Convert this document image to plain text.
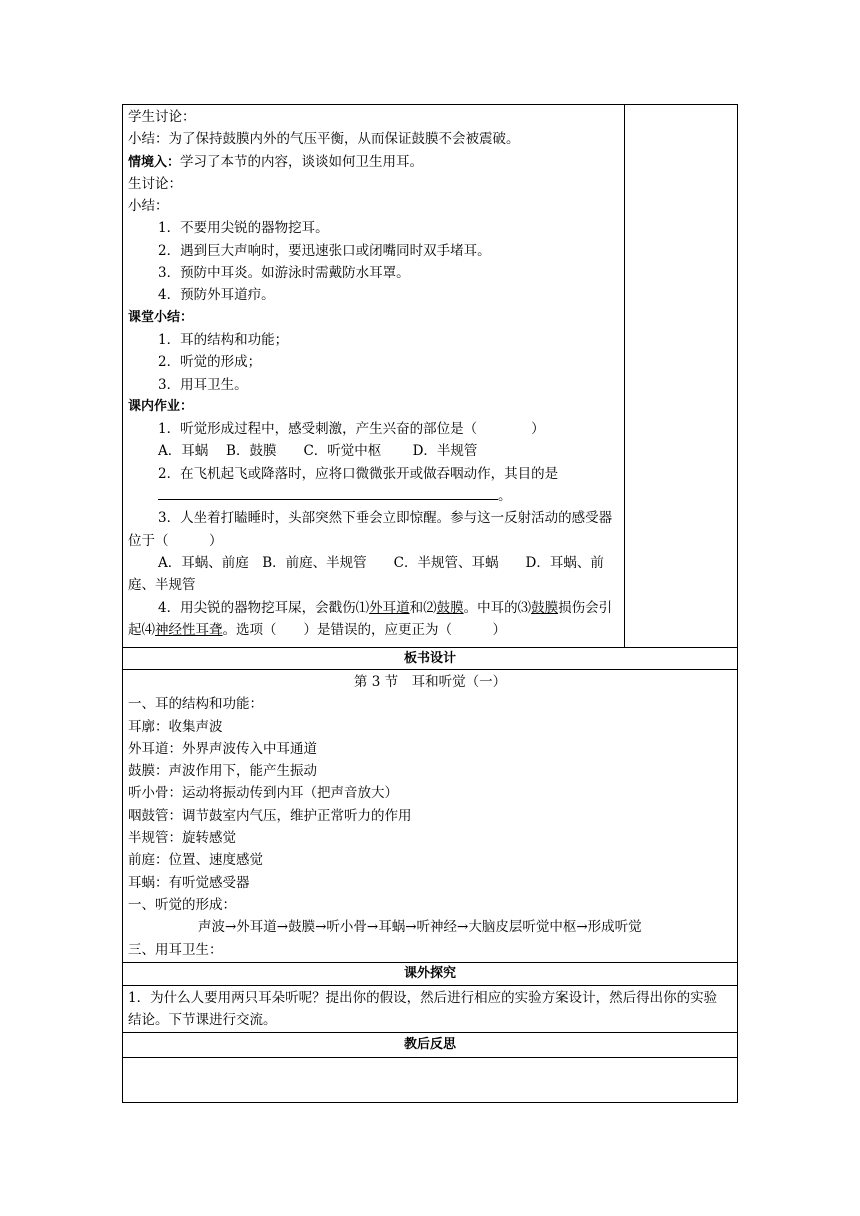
学生讨论：
小结：为了保持鼓膜内外的气压平衡，从而保证鼓膜不会被震破。
情境入：学习了本节的内容，谈谈如何卫生用耳。
生讨论：
小结：
1．不要用尖锐的器物挖耳。
2．遇到巨大声响时，要迅速张口或闭嘴同时双手堵耳。
3．预防中耳炎。如游泳时需戴防水耳罩。
4．预防外耳道疖。
课堂小结：
1．耳的结构和功能；
2．听觉的形成；
3．用耳卫生。
课内作业：
1．听觉形成过程中，感受刺激，产生兴奋的部位是（　　　　）
A．耳蜗　 B．鼓膜　　C．听觉中枢　　 D．半规管
2．在飞机起飞或降落时，应将口微微张开或做吞咽动作，其目的是
。
3．人坐着打瞌睡时，头部突然下垂会立即惊醒。参与这一反射活动的感受器位于（　　　）
A．耳蜗、前庭　B．前庭、半规管　　C．半规管、耳蜗　　D．耳蜗、前庭、半规管
4．用尖锐的器物挖耳屎，会戳伤⑴外耳道和⑵鼓膜。中耳的⑶鼓膜损伤会引起⑷神经性耳聋。选项（　　）是错误的，应更正为（　　　）

板书设计

第 3 节　耳和听觉（一）
一、耳的结构和功能：
耳廓：收集声波
外耳道：外界声波传入中耳通道
鼓膜：声波作用下，能产生振动
听小骨：运动将振动传到内耳（把声音放大）
咽鼓管：调节鼓室内气压，维护正常听力的作用
半规管：旋转感觉
前庭：位置、速度感觉
耳蜗：有听觉感受器
一、听觉的形成：
声波→外耳道→鼓膜→听小骨→耳蜗→听神经→大脑皮层听觉中枢→形成听觉
三、用耳卫生：

课外探究

1．为什么人要用两只耳朵听呢？提出你的假设，然后进行相应的实验方案设计，然后得出你的实验结论。下节课进行交流。

教后反思
